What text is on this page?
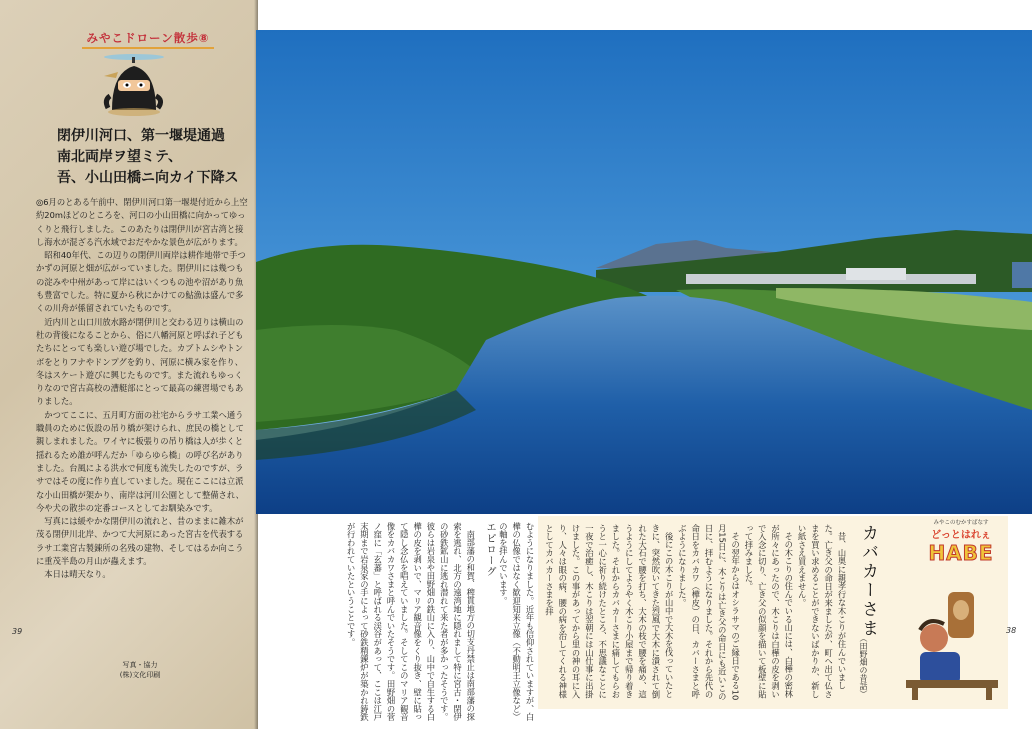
みやこドローン散歩⑧
閉伊川河口、第一堰堤通過
南北両岸ヲ望ミテ、
吾、小山田橋ニ向カイ下降ス

◎6月のとある午前中、閉伊川河口第一堰堤付近から上空約20mほどのところを、河口の小山田橋に向かってゆっくりと飛行しました。このあたりは閉伊川が宮古湾と接し海水が混ざる汽水域でおだやかな景色が広がります。

昭和40年代、この辺りの閉伊川両岸は耕作地帯で手つかずの河原と畑が広がっていました。閉伊川には幾つもの淀みや中州があって岸にはいくつもの池や沼があり魚も豊富でした。特に夏から秋にかけての鮎漁は盛んで多くの川舟が係留されていたものです。

近内川と山口川放水路が閉伊川と交わる辺りは横山の杜の背後になることから、俗に八幡河原と呼ばれ子どもたちにとっても楽しい遊び場でした。カブトムシやトンボをとりフナやドンプグを釣り、河原に横み家を作り、冬はスケート遊びに興じたものです。また流れもゆっくりなので宮古高校の漕艇部にとって最高の練習場でもありました。

かつてここに、五月町方面の社宅からラサ工業へ通う職員のために仮設の吊り橋が架けられ、庶民の橋として親しまれました。ワイヤに板張りの吊り橋は人が歩くと揺れるため誰が呼んだか「ゆらゆら橋」の呼び名がありました。台風による洪水で何度も流失したのですが、ラサではその度に作り直していました。現在ここには立派な小山田橋が架かり、南岸は河川公園として整備され、今や犬の散歩の定番コースとしてお馴染みです。

写真には緩やかな閉伊川の流れと、昔のままに雑木が茂る閉伊川北岸、かつて大河原にあった宮古を代表するラサ工業宮古製錬所の名残の建物、そしてはるか向こうに重茂半島の月山が蟲えます。

本日は晴天なり。

39
写真・協力
(株)文化印刷	むようになりました。近年も信仰されていますが、白樺の仏像ではなく歓迎知来立像（不動明王立像など）の軸を拝んでいます。

エピローグ

南部藩の和賀、稗貫地方の切支丹禁止は南部藩の探索を逃れ、北方の遠湾地に隠れまして特に宮古・閉伊の砂鉄鉱山に逃れ潜れて来た者が多かったそうです。彼らは岩泉や田野畑の鉄山に入り、山中で自生する白樺の皮を剥いで、マリア観音像をくり抜き、壁に貼って隠し念仏を唱えていました。そしてこのマリア観音像をカバカワさまと呼んでいたそうです。田野畑の菅ノ窪に「玄蕃」と呼ばれる渓谷があって、ここは江戸末期まで岩泉家の手によって砂鉄精錬炉が築かれ鋳鉄が行われていたということです。	昔、山奥に親孝行な木こりが住んでいました。亡き父の命日が来ましたが、町へ出て仏さまを買い求めることができないばかりか、新しい紙さえ買えません。

その木こりの住んでいる山には、白樺の密林が所々にあったので、木こりは白樺の皮を剥いで入念に切り、亡き父の似顔を描いて板壁に貼って拝みました。

その翌年からはオシラサマのご縁日である10月15日に、木こりは亡き父の命日にも近いこの日に、拝むようになりました。それから先代の命日をカバカワ（樺皮）の日、カバーさまと呼ぶようになりました。

後にこの木こりが山中で大木を伐っていたときに、突然吹いてきた烈風で大木に潰されて倒れた大石で腰を打ち、大木の枝で腰を痛め、這うようにしてようやく木こり小屋まで帰り着きました。それからカバカーさまに痛してもらおうと一心に祈り続けたところ、不思議なことに一夜で治癒し、木こりは翌朝には山仕事に出掛けました。この事があってから里の神の耳に入り、人々は眼の病、腰の病を治してくれる神様としてカバカーさまを拝	カバカーさま
（田野畑の昔話）
みやこのむかすばなす
どっとはれぇ
HABE
38
